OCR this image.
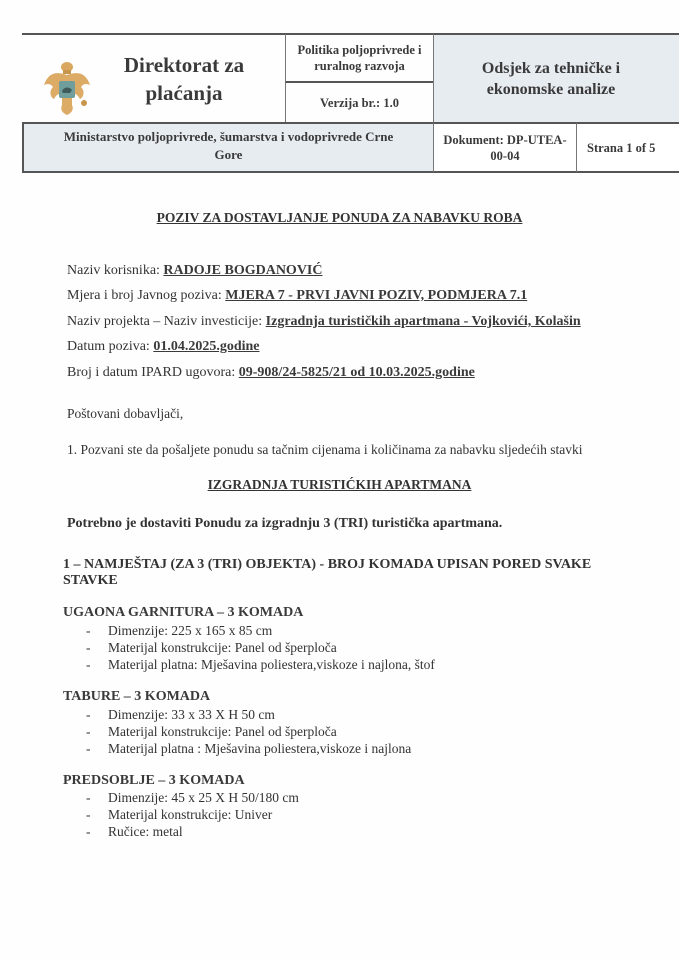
Direktorat za
plaćanja
Politika poljoprivrede i
ruralnog razvoja
Verzija br.: 1.0
Odsjek za tehničke i
ekonomske analize
Ministarstvo poljoprivrede, šumarstva i vodoprivrede Crne
Gore
Dokument: DP-UTEA-
00-04
Strana 1 of 5
POZIV ZA DOSTAVLJANJE PONUDA ZA NABAVKU ROBA
Naziv korisnika: RADOJE BOGDANOVIĆ
Mjera i broj Javnog poziva: MJERA 7 - PRVI JAVNI POZIV, PODMJERA 7.1
Naziv projekta – Naziv investicije: Izgradnja turističkih apartmana - Vojkovići, Kolašin
Datum poziva: 01.04.2025.godine
Broj i datum IPARD ugovora: 09-908/24-5825/21 od 10.03.2025.godine
Poštovani dobavljači,
1. Pozvani ste da pošaljete ponudu sa tačnim cijenama i količinama za nabavku sljedećih stavki
IZGRADNJA TURISTIĆKIH APARTMANA
Potrebno je dostaviti Ponudu za izgradnju 3 (TRI) turistička apartmana.
1 – NAMJEŠTAJ (ZA 3 (TRI) OBJEKTA) - BROJ KOMADA UPISAN PORED SVAKE STAVKE
UGAONA GARNITURA – 3 KOMADA
- Dimenzije: 225 x 165 x 85 cm
- Materijal konstrukcije: Panel od šperploča
- Materijal platna: Mješavina poliestera,viskoze i najlona, štof
TABURE – 3 KOMADA
- Dimenzije: 33 x 33 X H 50 cm
- Materijal konstrukcije: Panel od šperploča
- Materijal platna : Mješavina poliestera,viskoze i najlona
PREDSOBLJE – 3 KOMADA
- Dimenzije: 45 x 25 X H 50/180 cm
- Materijal konstrukcije: Univer
- Ručice: metal
